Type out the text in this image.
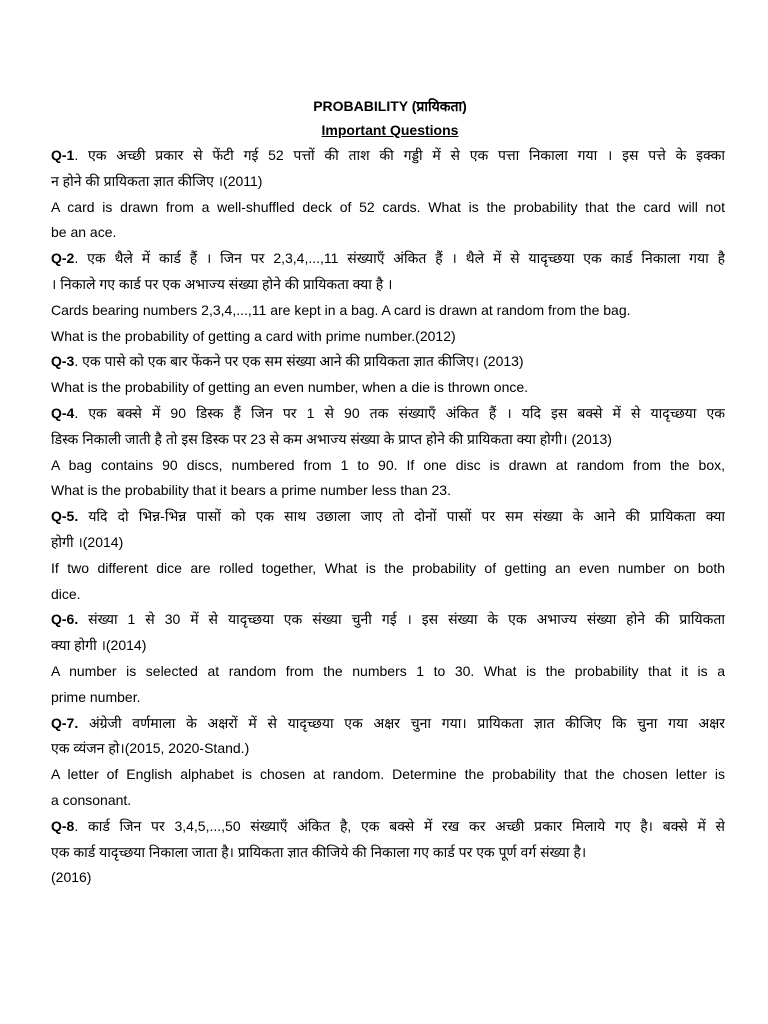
PROBABILITY (प्रायिकता)
Important Questions
Q-1. एक अच्छी प्रकार से फेंटी गई 52 पत्तों की ताश की गड्डी में से एक पत्ता निकाला गया । इस पत्ते के इक्का
न होने की प्रायिकता ज्ञात कीजिए ।(2011)
A card is drawn from a well-shuffled deck of 52 cards. What is the probability that the card will not
be an ace.
Q-2. एक थैले में कार्ड हैं । जिन पर 2,3,4,...,11 संख्याएँ अंकित हैं । थैले में से यादृच्छया एक कार्ड निकाला गया है
। निकाले गए कार्ड पर एक अभाज्य संख्या होने की प्रायिकता क्या है ।
Cards bearing numbers 2,3,4,...,11 are kept in a bag. A card is drawn at random from the bag.
What is the probability of getting a card with prime number.(2012)
Q-3. एक पासे को एक बार फेंकने पर एक सम संख्या आने की प्रायिकता ज्ञात कीजिए। (2013)
What is the probability of getting an even number, when a die is thrown once.
Q-4. एक बक्से में 90 डिस्क हैं जिन पर 1 से 90 तक संख्याएँ अंकित हैं । यदि इस बक्से में से यादृच्छया एक
डिस्क निकाली जाती है तो इस डिस्क पर 23 से कम अभाज्य संख्या के प्राप्त होने की प्रायिकता क्या होगी। (2013)
A bag contains 90 discs, numbered from 1 to 90. If one disc is drawn at random from the box,
What is the probability that it bears a prime number less than 23.
Q-5. यदि दो भिन्न-भिन्न पासों को एक साथ उछाला जाए तो दोनों पासों पर सम संख्या के आने की प्रायिकता क्या
होगी ।(2014)
If two different dice are rolled together, What is the probability of getting an even number on both
dice.
Q-6. संख्या 1 से 30 में से यादृच्छया एक संख्या चुनी गई । इस संख्या के एक अभाज्य संख्या होने की प्रायिकता
क्या होगी ।(2014)
A number is selected at random from the numbers 1 to 30. What is the probability that it is a
prime number.
Q-7. अंग्रेजी वर्णमाला के अक्षरों में से यादृच्छया एक अक्षर चुना गया। प्रायिकता ज्ञात कीजिए कि चुना गया अक्षर
एक व्यंजन हो।(2015, 2020-Stand.)
A letter of English alphabet is chosen at random. Determine the probability that the chosen letter is
a consonant.
Q-8. कार्ड जिन पर 3,4,5,...,50 संख्याएँ अंकित है, एक बक्से में रख कर अच्छी प्रकार मिलाये गए है। बक्से में से
एक कार्ड यादृच्छया निकाला जाता है। प्रायिकता ज्ञात कीजिये की निकाला गए कार्ड पर एक पूर्ण वर्ग संख्या है।
(2016)
